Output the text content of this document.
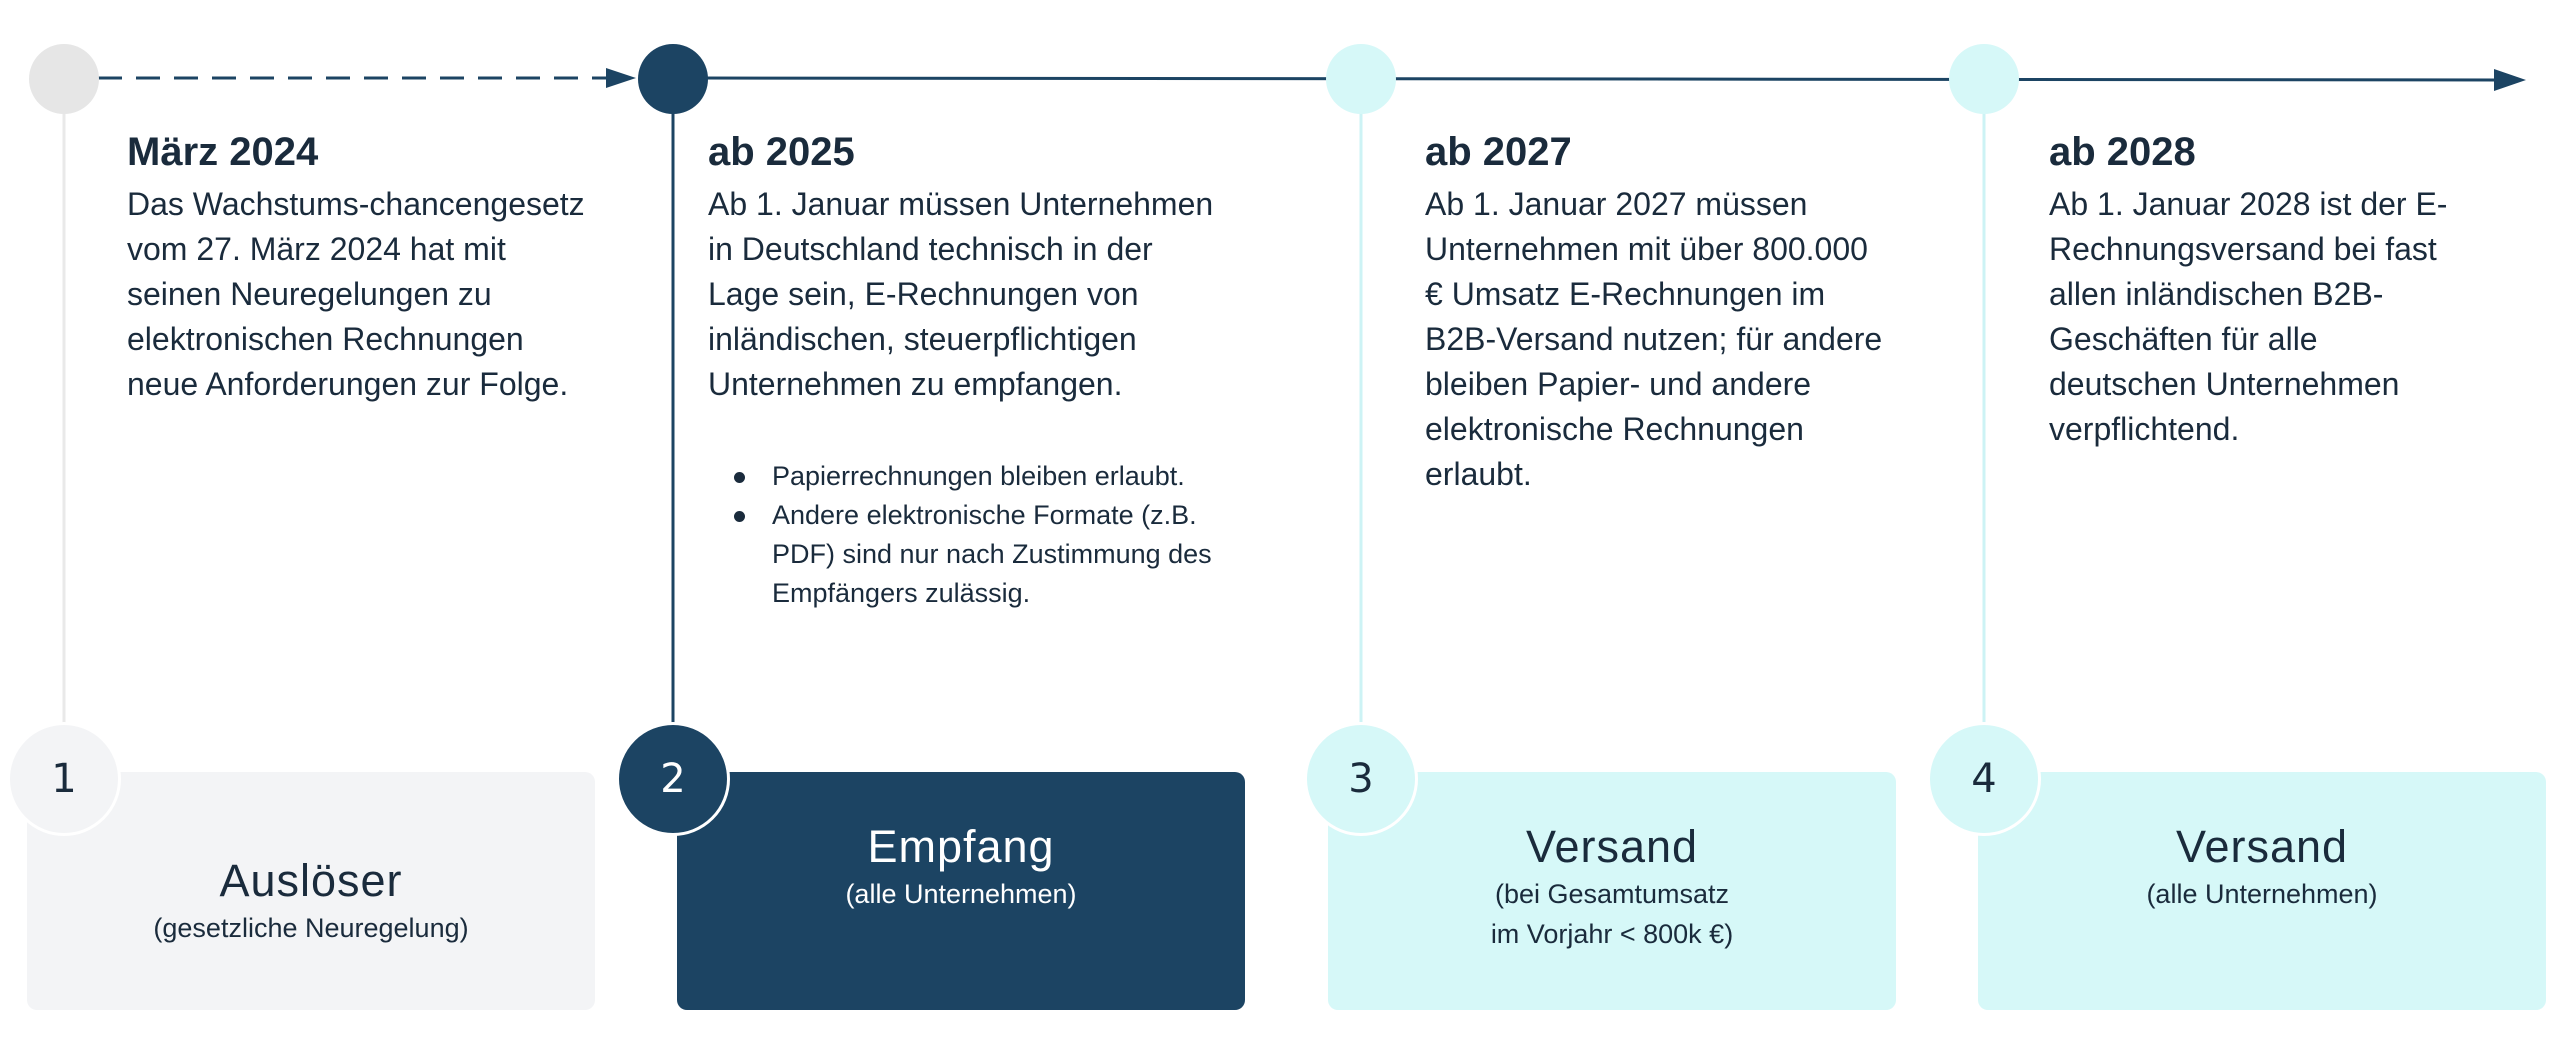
März 2024

Das Wachstums-chancengesetz vom 27. März 2024 hat mit seinen Neuregelungen zu elektronischen Rechnungen neue Anforderungen zur Folge.

ab 2025

Ab 1. Januar müssen Unternehmen in Deutschland technisch in der Lage sein, E-Rechnungen von inländischen, steuerpflichtigen Unternehmen zu empfangen.

Papierrechnungen bleiben erlaubt.
Andere elektronische Formate (z.B. PDF) sind nur nach Zustimmung des Empfängers zulässig.
ab 2027

Ab 1. Januar 2027 müssen Unternehmen mit über 800.000 € Umsatz E-Rechnungen im B2B-Versand nutzen; für andere bleiben Papier- und andere elektronische Rechnungen erlaubt.

ab 2028

Ab 1. Januar 2028 ist der E-Rechnungsversand bei fast allen inländischen B2B-Geschäften für alle deutschen Unternehmen verpflichtend.

Auslöser
(gesetzliche Neuregelung)
Empfang
(alle Unternehmen)
Versand
(bei Gesamtumsatz
im Vorjahr < 800k €)
Versand
(alle Unternehmen)
1	2	3	4
